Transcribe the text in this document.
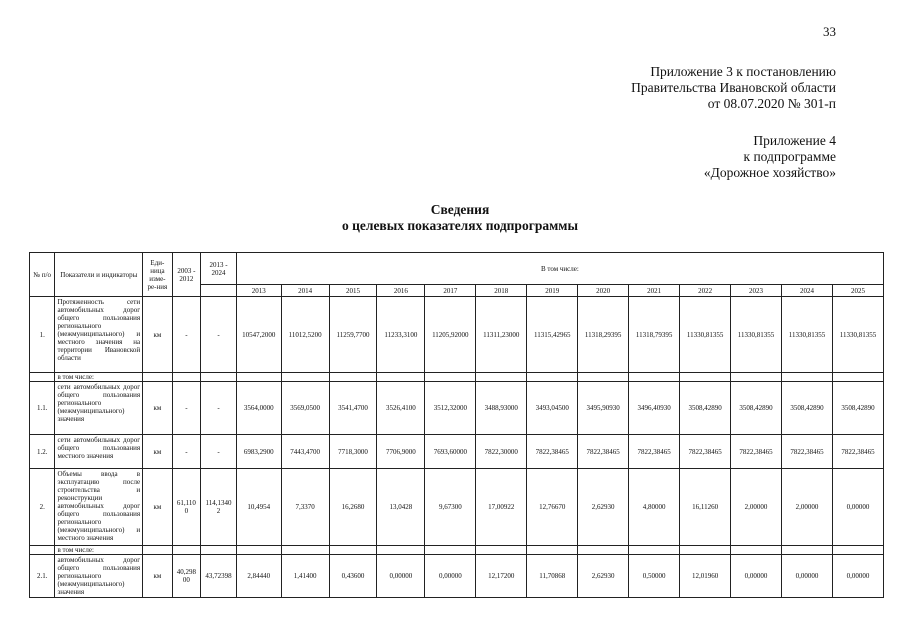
33
Приложение 3 к постановлению
Правительства Ивановской области
от 08.07.2020 № 301-п
Приложение 4
к подпрограмме
«Дорожное хозяйство»
Сведения
о целевых показателях подпрограммы
№ п/о	Показатели и индикаторы	Еди-ница изме-ре-ния	2003 - 2012	2013 - 2024	В том числе:												
					2013	2014	2015	2016	2017	2018	2019	2020	2021	2022	2023	2024	2025
1.	Протяженность сети автомобильных дорог общего пользования регионального (межмуниципального) и местного значения на территории Ивановской области	км	-	-	10547,2000	11012,5200	11259,7700	11233,3100	11205,92000	11311,23000	11315,42965	11318,29395	11318,79395	11330,81355	11330,81355	11330,81355	11330,81355
	в том числе:																
1.1.	сети автомобильных дорог общего пользования регионального (межмуниципального) значения	км	-	-	3564,0000	3569,0500	3541,4700	3526,4100	3512,32000	3488,93000	3493,04500	3495,90930	3496,40930	3508,42890	3508,42890	3508,42890	3508,42890
1.2.	сети автомобильных дорог общего пользования местного значения	км	-	-	6983,2900	7443,4700	7718,3000	7706,9000	7693,60000	7822,30000	7822,38465	7822,38465	7822,38465	7822,38465	7822,38465	7822,38465	7822,38465
2.	Объемы ввода в эксплуатацию после строительства и реконструкции автомобильных дорог общего пользования регионального (межмуниципального) и местного значения	км	61,110 0	114,1340 2	10,4954	7,3370	16,2680	13,0428	9,67300	17,00922	12,76670	2,62930	4,80000	16,11260	2,00000	2,00000	0,00000
	в том числе:																
2.1.	автомобильных дорог общего пользования регионального (межмуниципального) значения	км	40,298 00	43,72398	2,84440	1,41400	0,43600	0,00000	0,00000	12,17200	11,70868	2,62930	0,50000	12,01960	0,00000	0,00000	0,00000
